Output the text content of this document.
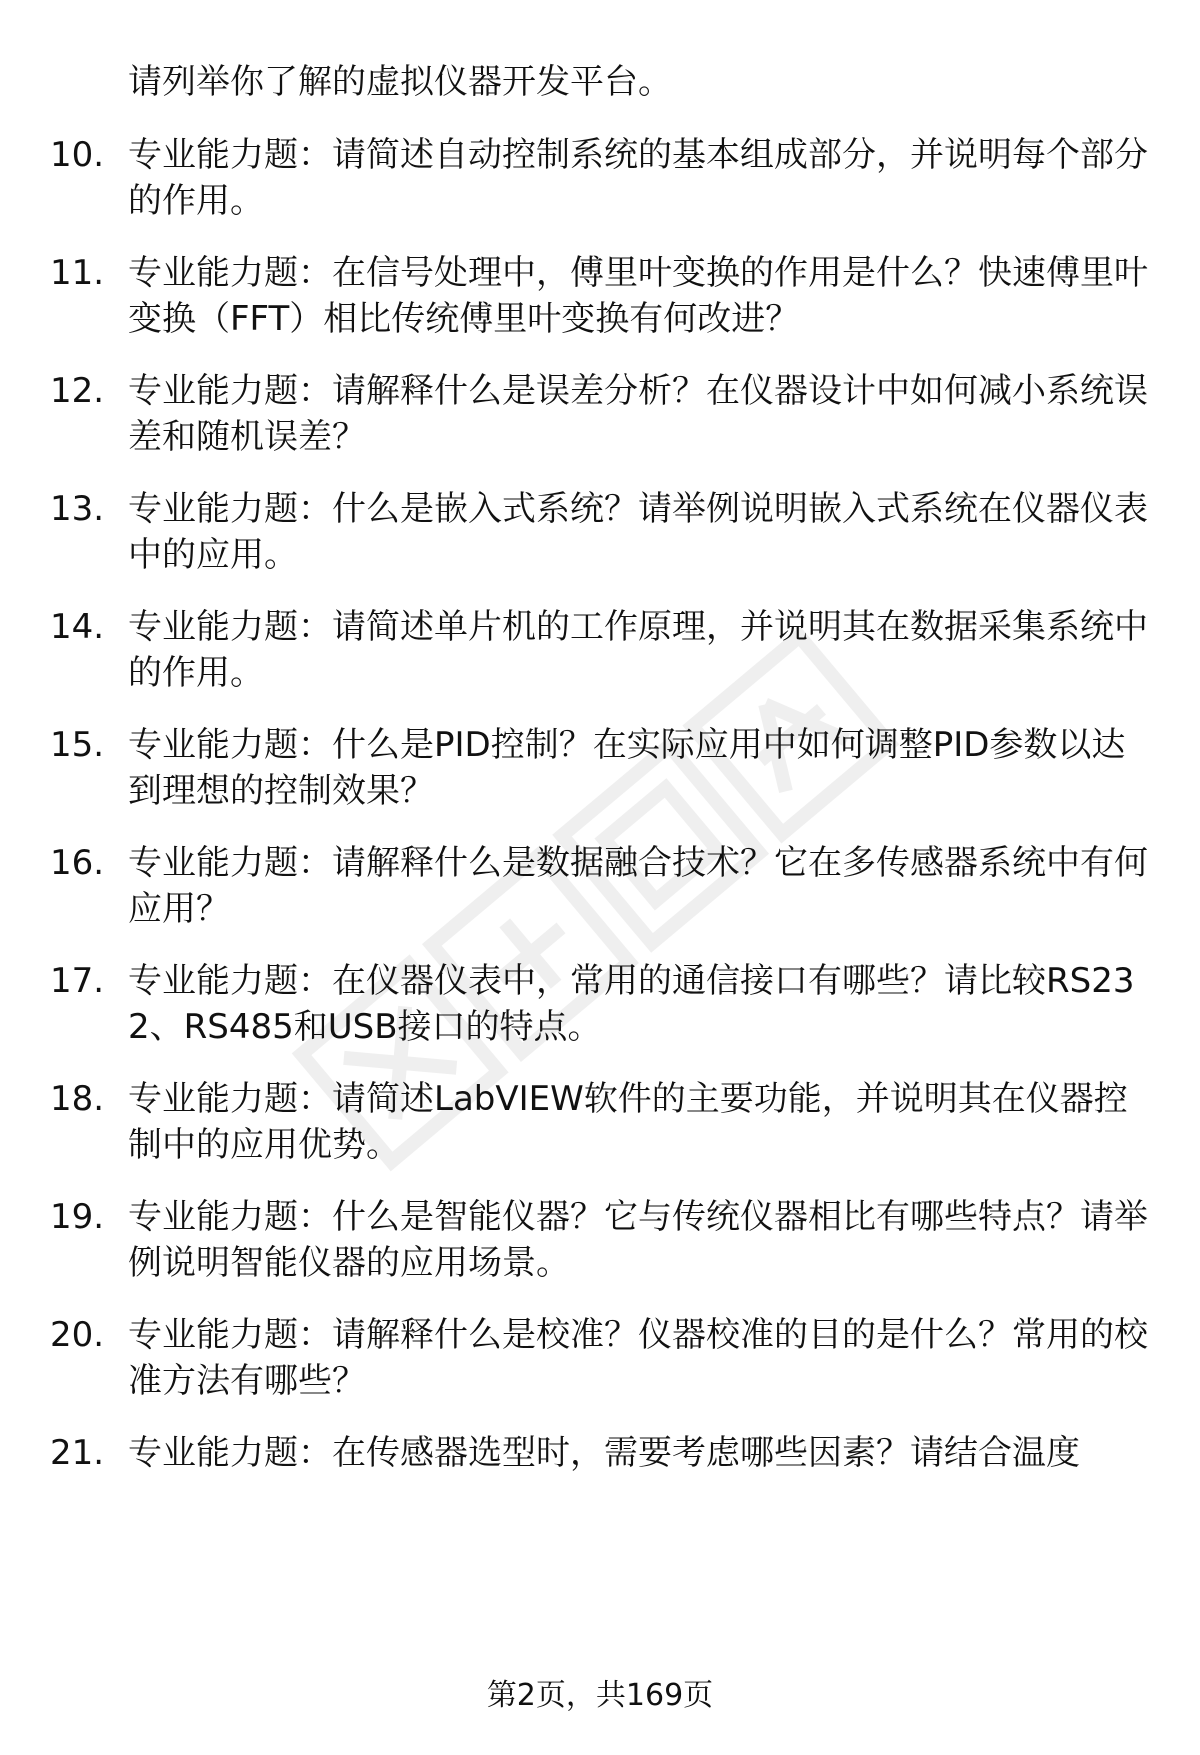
请列举你了解的虚拟仪器开发平台。
10. 专业能力题：请简述自动控制系统的基本组成部分，并说明每个部分的作用。
11. 专业能力题：在信号处理中，傅里叶变换的作用是什么？快速傅里叶变换（FFT）相比传统傅里叶变换有何改进？
12. 专业能力题：请解释什么是误差分析？在仪器设计中如何减小系统误差和随机误差？
13. 专业能力题：什么是嵌入式系统？请举例说明嵌入式系统在仪器仪表中的应用。
14. 专业能力题：请简述单片机的工作原理，并说明其在数据采集系统中的作用。
15. 专业能力题：什么是PID控制？在实际应用中如何调整PID参数以达到理想的控制效果？
16. 专业能力题：请解释什么是数据融合技术？它在多传感器系统中有何应用？
17. 专业能力题：在仪器仪表中，常用的通信接口有哪些？请比较RS232、RS485和USB接口的特点。
18. 专业能力题：请简述LabVIEW软件的主要功能，并说明其在仪器控制中的应用优势。
19. 专业能力题：什么是智能仪器？它与传统仪器相比有哪些特点？请举例说明智能仪器的应用场景。
20. 专业能力题：请解释什么是校准？仪器校准的目的是什么？常用的校准方法有哪些？
21. 专业能力题：在传感器选型时，需要考虑哪些因素？请结合温度
第2页，共169页
